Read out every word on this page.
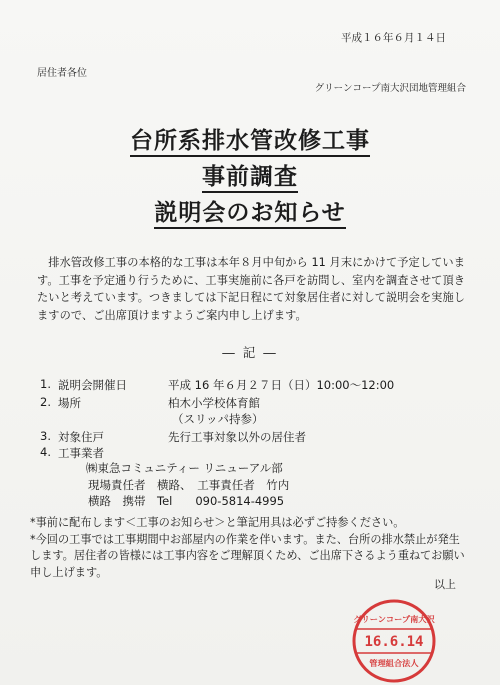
平成１６年６月１４日
居住者各位
グリーンコープ南大沢団地管理組合
台所系排水管改修工事
事前調査
説明会のお知らせ
排水管改修工事の本格的な工事は本年８月中旬から 11 月末にかけて予定しています。工事を予定通り行うために、工事実施前に各戸を訪問し、室内を調査させて頂きたいと考えています。つきましては下記日程にて対象居住者に対して説明会を実施しますので、ご出席頂けますようご案内申し上げます。
― 記 ―
1. 説明会開催日	平成 16 年６月２７日（日）10:00～12:00
2. 場所	柏木小学校体育館
（スリッパ持参）
3. 対象住戸	先行工事対象以外の居住者
4. 工事業者
㈱東急コミュニティー リニューアル部
現場責任者　横路、　工事責任者　竹内
横路　携帯　Tel　　090-5814-4995

*事前に配布します＜工事のお知らせ＞と筆記用具は必ずご持参ください。

*今回の工事では工事期間中お部屋内の作業を伴います。また、台所の排水禁止が発生します。居住者の皆様には工事内容をご理解頂くため、ご出席下さるよう重ねてお願い申し上げます。

以上
グリーンコープ南大沢
16.6.14
管理組合法人
